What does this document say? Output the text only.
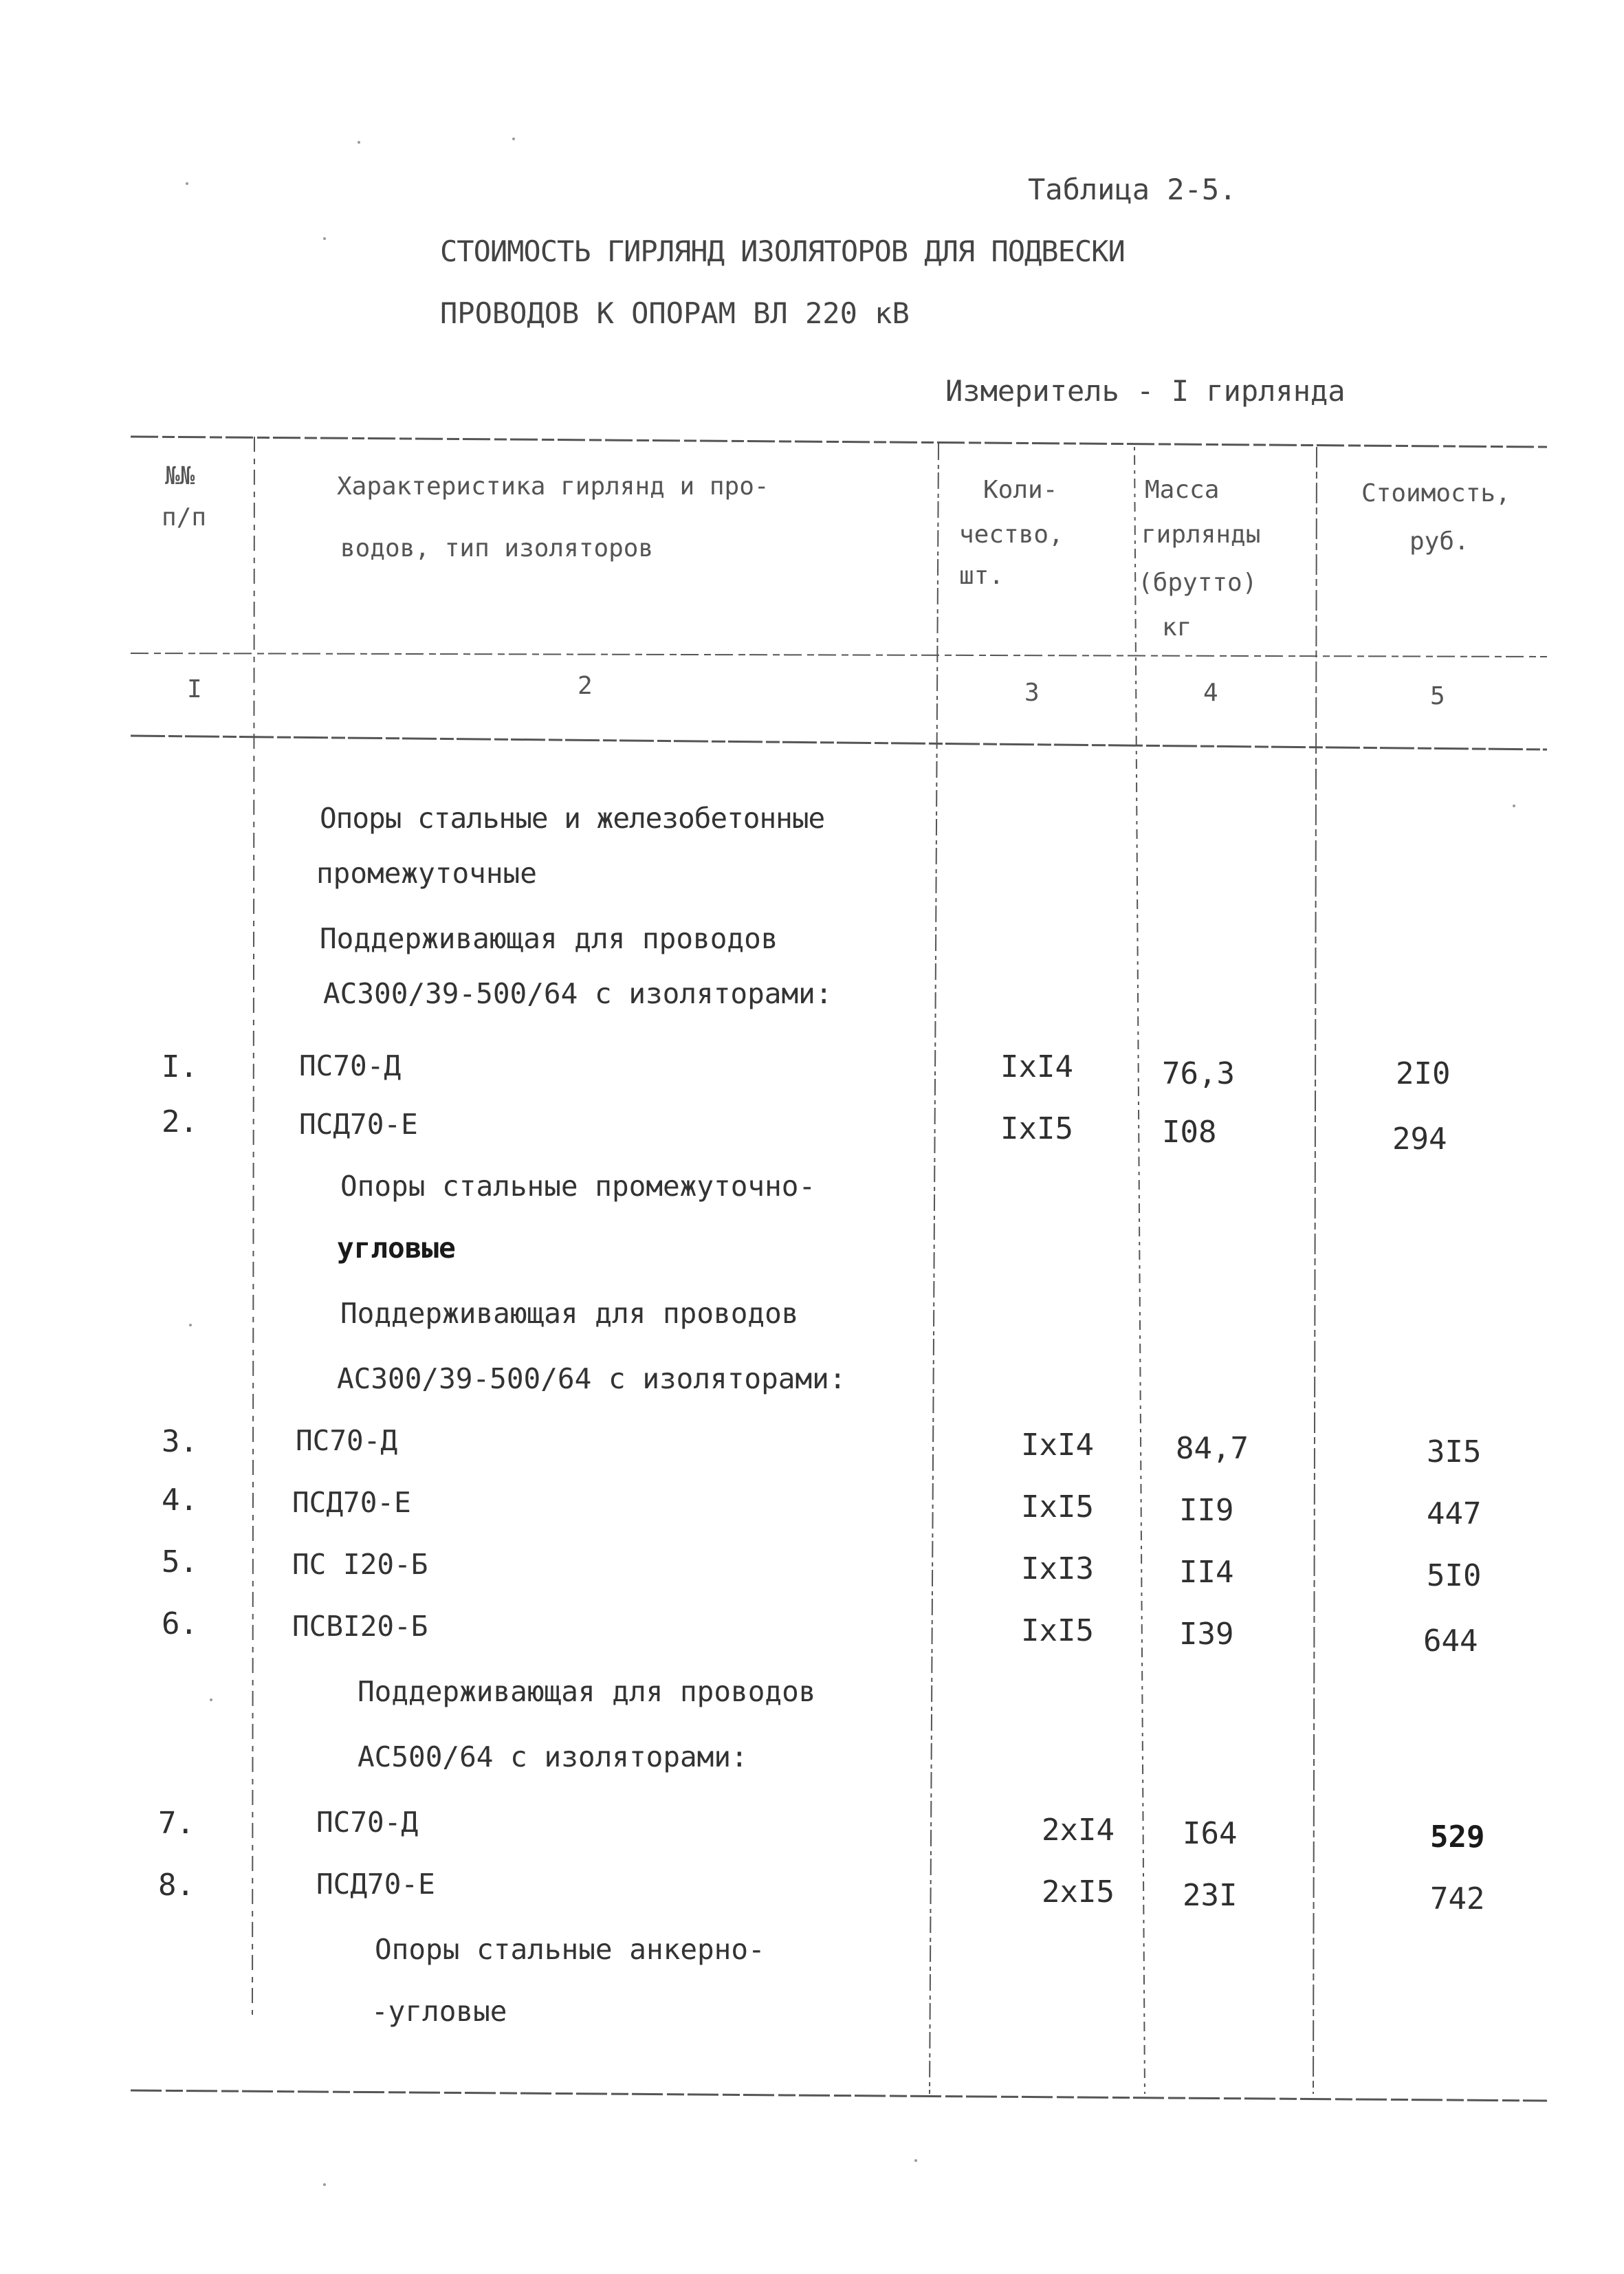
Таблица 2-5.
СТОИМОСТЬ ГИРЛЯНД ИЗОЛЯТОРОВ ДЛЯ ПОДВЕСКИ
ПРОВОДОВ К ОПОРАМ ВЛ 220 кВ
Измеритель - I гирлянда
№№
п/п
Характеристика гирлянд и про-
водов, тип изоляторов
Коли-
чество,
шт.
Масса
гирлянды
(брутто)
кг
Стоимость,
руб.
I	2	3	4	5
Опоры стальные и железобетонные
промежуточные
Поддерживающая для проводов
АС300/39-500/64 с изоляторами:
I.	ПС70-Д	IxI4	76,3	2I0
2.	ПСД70-Е	IxI5	I08	294
Опоры стальные промежуточно-
угловые
Поддерживающая для проводов
АС300/39-500/64 с изоляторами:
3.	ПС70-Д	IxI4	84,7	3I5
4.	ПСД70-Е	IxI5	II9	447
5.	ПС I20-Б	IxI3	II4	5I0
6.	ПСВI20-Б	IxI5	I39	644
Поддерживающая для проводов
АС500/64 с изоляторами:
7.	ПС70-Д	2xI4 I64	529
8.	ПСД70-Е	2xI5 23I	742
Опоры стальные анкерно-
-угловые
